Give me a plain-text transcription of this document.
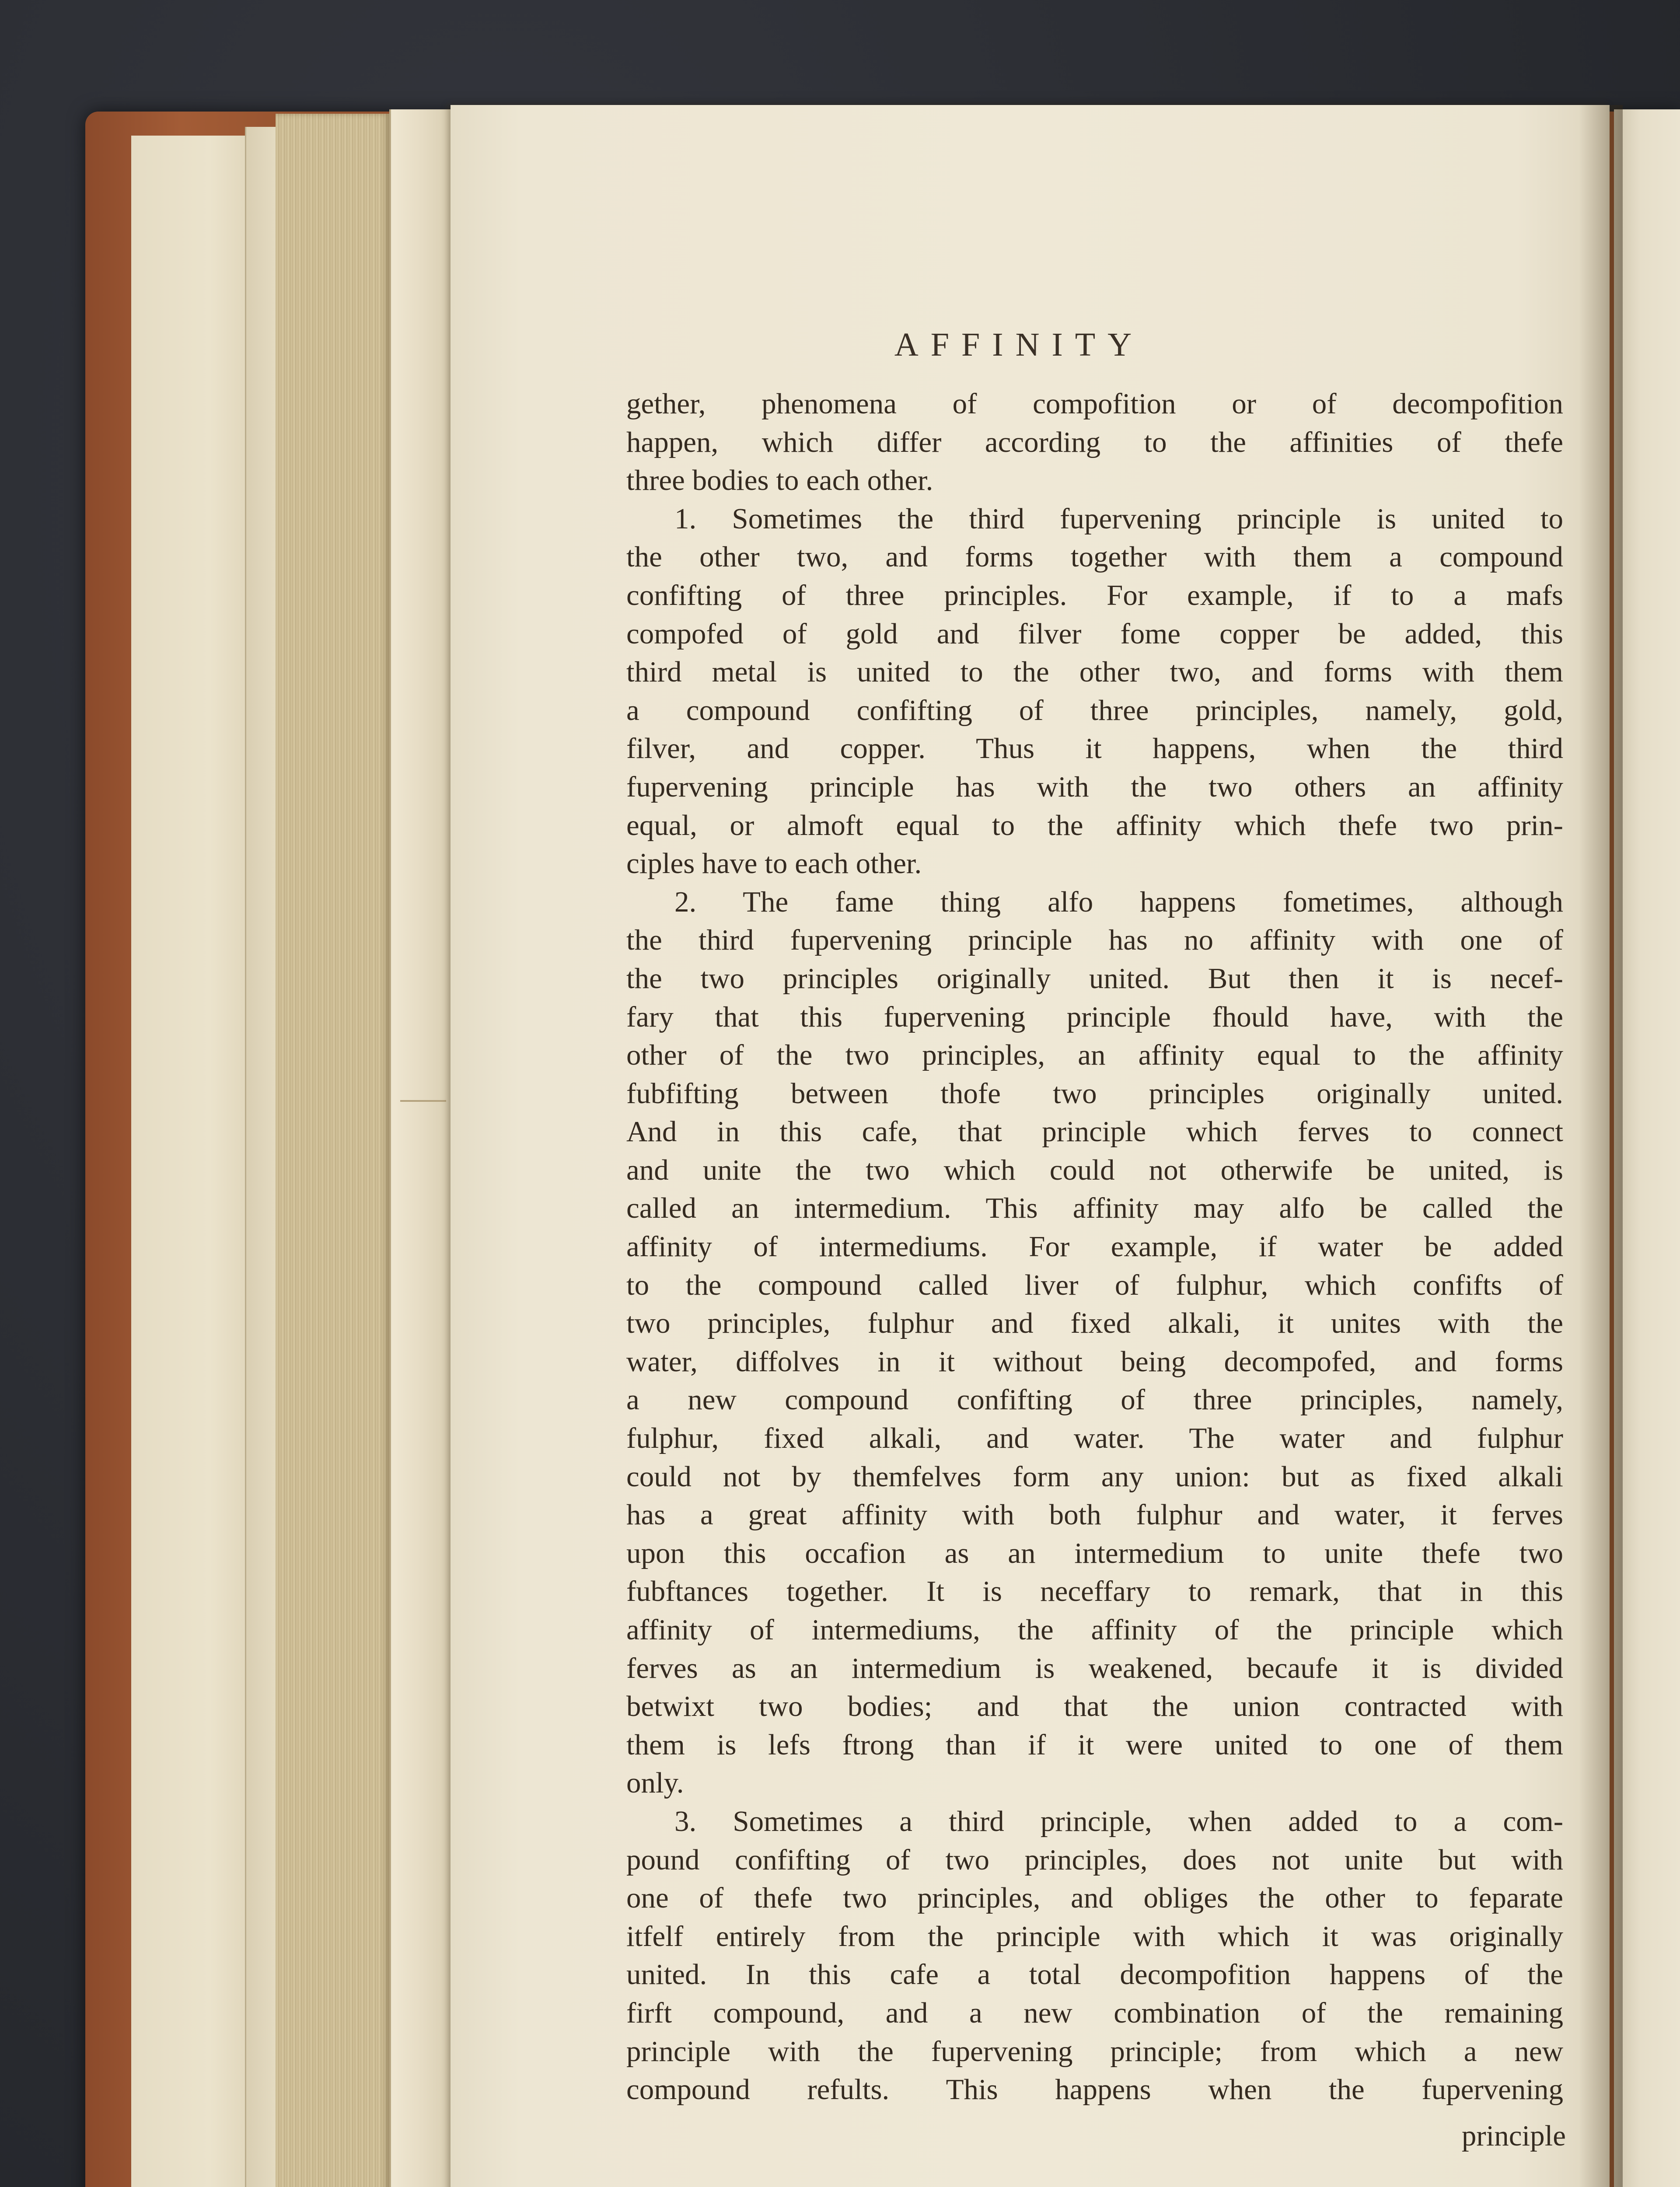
AFFINITY
gether, phenomena of compofition or of decompofition
happen, which differ according to the affinities of thefe
three bodies to each other.
1. Sometimes the third fupervening principle is united to
the other two, and forms together with them a compound
confifting of three principles. For example, if to a mafs
compofed of gold and filver fome copper be added, this
third metal is united to the other two, and forms with them
a compound confifting of three principles, namely, gold,
filver, and copper. Thus it happens, when the third
fupervening principle has with the two others an affinity
equal, or almoft equal to the affinity which thefe two prin-
ciples have to each other.
2. The fame thing alfo happens fometimes, although
the third fupervening principle has no affinity with one of
the two principles originally united. But then it is necef-
fary that this fupervening principle fhould have, with the
other of the two principles, an affinity equal to the affinity
fubfifting between thofe two principles originally united.
And in this cafe, that principle which ferves to connect
and unite the two which could not otherwife be united, is
called an intermedium. This affinity may alfo be called the
affinity of intermediums. For example, if water be added
to the compound called liver of fulphur, which confifts of
two principles, fulphur and fixed alkali, it unites with the
water, diffolves in it without being decompofed, and forms
a new compound confifting of three principles, namely,
fulphur, fixed alkali, and water. The water and fulphur
could not by themfelves form any union: but as fixed alkali
has a great affinity with both fulphur and water, it ferves
upon this occafion as an intermedium to unite thefe two
fubftances together. It is neceffary to remark, that in this
affinity of intermediums, the affinity of the principle which
ferves as an intermedium is weakened, becaufe it is divided
betwixt two bodies; and that the union contracted with
them is lefs ftrong than if it were united to one of them
only.
3. Sometimes a third principle, when added to a com-
pound confifting of two principles, does not unite but with
one of thefe two principles, and obliges the other to feparate
itfelf entirely from the principle with which it was originally
united. In this cafe a total decompofition happens of the
firft compound, and a new combination of the remaining
principle with the fupervening principle; from which a new
compound refults. This happens when the fupervening
principle
